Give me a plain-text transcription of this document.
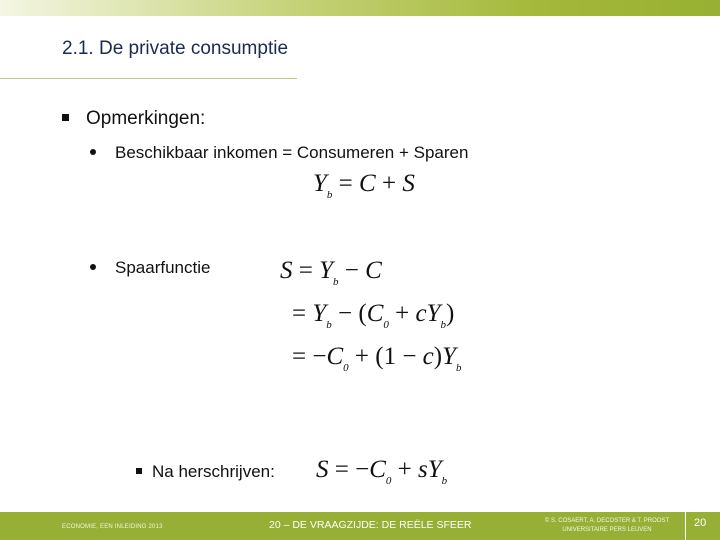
2.1. De private consumptie
Opmerkingen:
Beschikbaar inkomen = Consumeren + Sparen
$Y_b = C + S$
Spaarfunctie	$S = Y_b - C$
= $Y_b - (C_0 + cY_b)$
= $-C_0 + (1 - c)Y_b$
Na herschrijven: $S = -C_0 + sY_b$
ECONOMIE, EEN INLEIDING 2013	20 – DE VRAAGZIJDE: DE REËLE SFEER	© S. COSAERT, A. DECOSTER & T. PROOST
UNIVERSITAIRE PERS LEUVEN
20
